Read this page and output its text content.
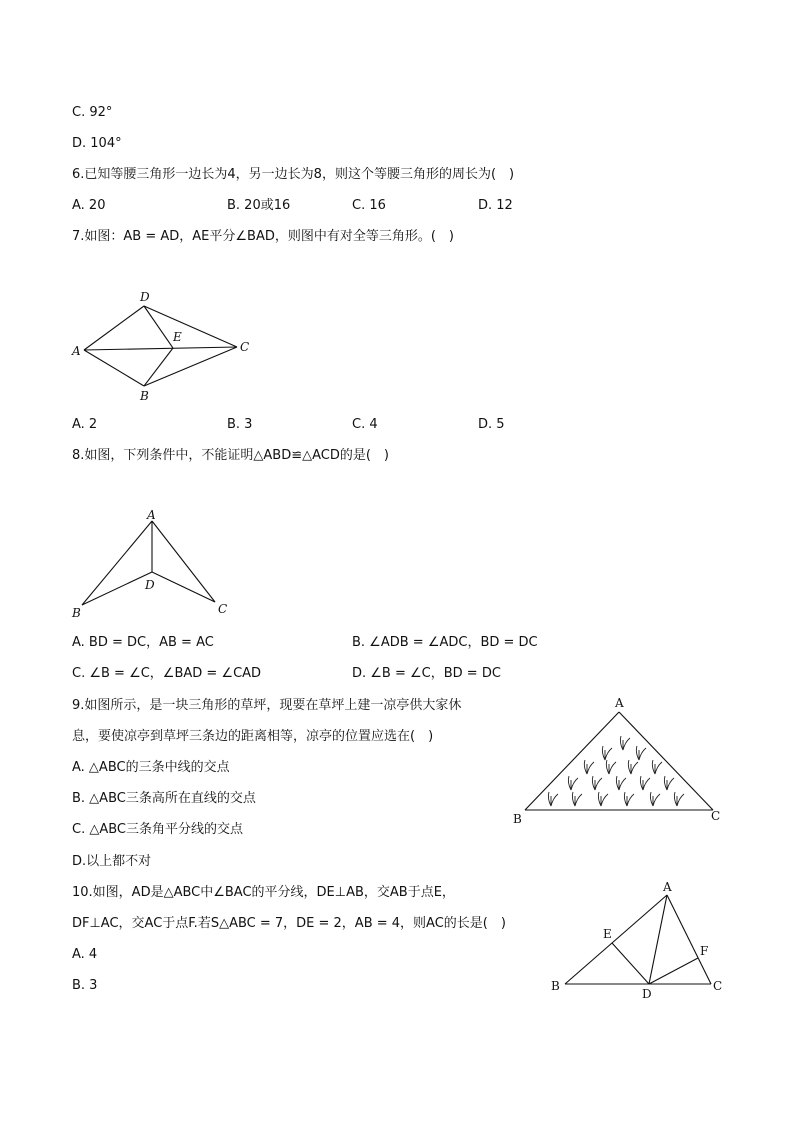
C. 92°
D. 104°
6.已知等腰三角形一边长为4，另一边长为8，则这个等腰三角形的周长为(　)
A. 20	B. 20或16	C. 16	D. 12
7.如图：AB = AD，AE平分∠BAD，则图中有对全等三角形。(　)
D
A
E
C
B
A. 2	B. 3	C. 4	D. 5
8.如图，下列条件中，不能证明△ABD≌△ACD的是(　)
A
D
B	C
A. BD = DC，AB = AC	B. ∠ADB = ∠ADC，BD = DC
C. ∠B = ∠C，∠BAD = ∠CAD	D. ∠B = ∠C，BD = DC
9.如图所示，是一块三角形的草坪，现要在草坪上建一凉亭供大家休
息，要使凉亭到草坪三条边的距离相等，凉亭的位置应选在(　)
A. △ABC的三条中线的交点
B. △ABC三条高所在直线的交点
C. △ABC三条角平分线的交点
D.以上都不对
A
B	C
10.如图，AD是△ABC中∠BAC的平分线，DE⊥AB，交AB于点E，
DF⊥AC，交AC于点F.若S△ABC = 7，DE = 2，AB = 4，则AC的长是(　)
A. 4
B. 3
A
E
F
B
D
C
